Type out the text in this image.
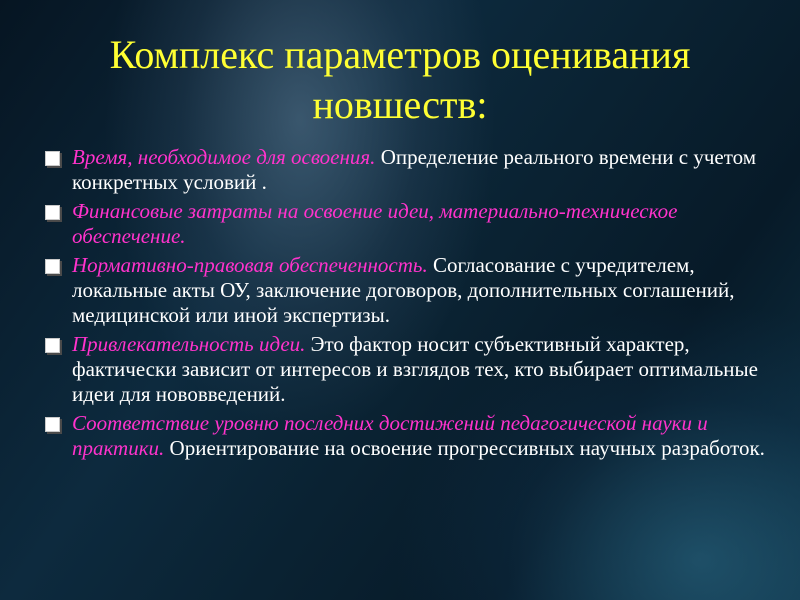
Комплекс параметров оценивания новшеств:
Время, необходимое для освоения. Определение реального времени с учетом конкретных условий .
Финансовые затраты на освоение идеи, материально-техническое обеспечение.
Нормативно-правовая обеспеченность. Согласование с учредителем, локальные акты ОУ, заключение договоров, дополнительных соглашений, медицинской или иной экспертизы.
Привлекательность идеи. Это фактор носит субъективный характер, фактически зависит от интересов и взглядов тех, кто выбирает оптимальные идеи для нововведений.
Соответствие уровню последних достижений педагогической науки и практики. Ориентирование на освоение прогрессивных научных разработок.
